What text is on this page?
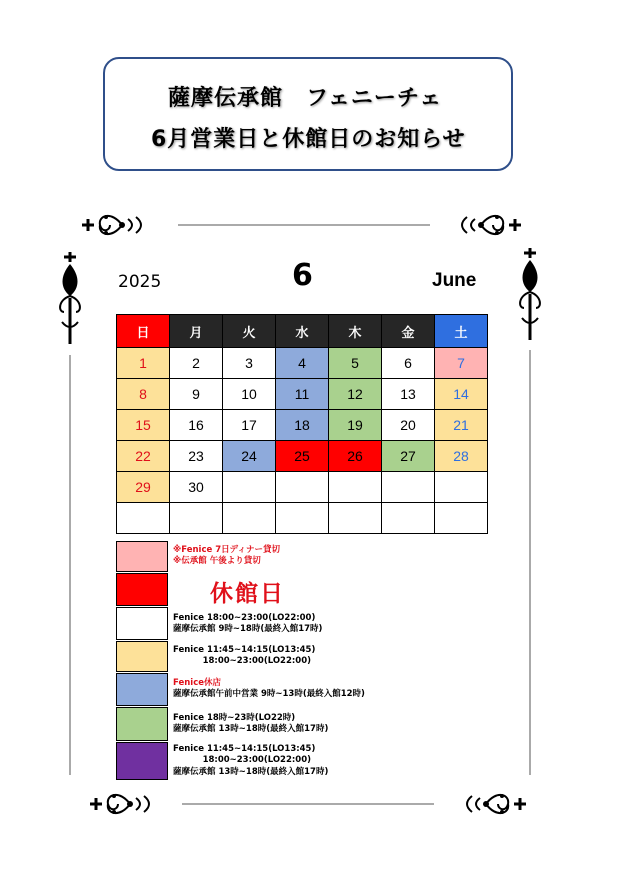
薩摩伝承館　フェニーチェ
6月営業日と休館日のお知らせ
2025	6	June
日	月	火	水	木	金	土
1	2	3	4	5	6	7
8	9	10	11	12	13	14
15	16	17	18	19	20	21
22	23	24	25	26	27	28
29	30					

※Fenice 7日ディナー貸切
※伝承館 午後より貸切
休館日
Fenice 18:00~23:00(LO22:00)
薩摩伝承館 9時~18時(最終入館17時)
Fenice 11:45~14:15(LO13:45)
18:00~23:00(LO22:00)
Fenice休店
薩摩伝承館午前中営業 9時~13時(最終入館12時)
Fenice 18時~23時(LO22時)
薩摩伝承館 13時~18時(最終入館17時)
Fenice 11:45~14:15(LO13:45)
18:00~23:00(LO22:00)
薩摩伝承館 13時~18時(最終入館17時)
